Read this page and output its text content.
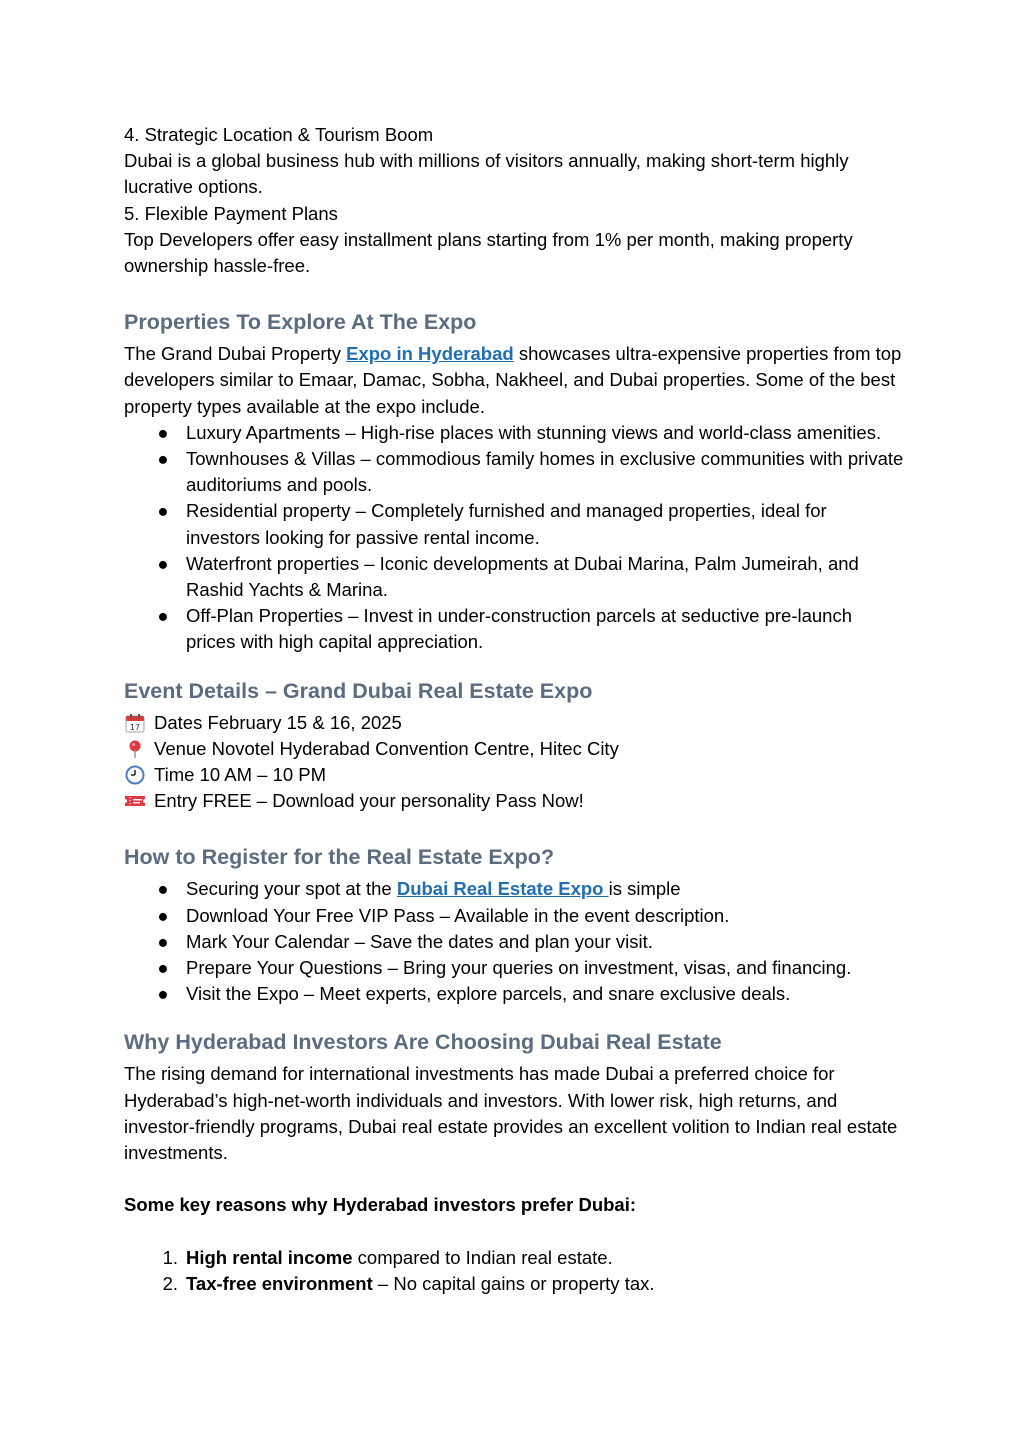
4. Strategic Location & Tourism Boom

Dubai is a global business hub with millions of visitors annually, making short-term highly lucrative options.

5. Flexible Payment Plans

Top Developers offer easy installment plans starting from 1% per month, making property ownership hassle-free.

Properties To Explore At The Expo

The Grand Dubai Property Expo in Hyderabad showcases ultra-expensive properties from top developers similar to Emaar, Damac, Sobha, Nakheel, and Dubai properties. Some of the best property types available at the expo include.

● Luxury Apartments – High-rise places with stunning views and world-class amenities.
● Townhouses & Villas – commodious family homes in exclusive communities with private auditoriums and pools.
● Residential property – Completely furnished and managed properties, ideal for investors looking for passive rental income.
● Waterfront properties – Iconic developments at Dubai Marina, Palm Jumeirah, and Rashid Yachts & Marina.
● Off-Plan Properties – Invest in under-construction parcels at seductive pre-launch prices with high capital appreciation.
Event Details – Grand Dubai Real Estate Expo
17 Dates February 15 & 16, 2025
Venue Novotel Hyderabad Convention Centre, Hitec City
Time 10 AM – 10 PM
Entry FREE – Download your personality Pass Now!
How to Register for the Real Estate Expo?
● Securing your spot at the Dubai Real Estate Expo is simple
● Download Your Free VIP Pass – Available in the event description.
● Mark Your Calendar – Save the dates and plan your visit.
● Prepare Your Questions – Bring your queries on investment, visas, and financing.
● Visit the Expo – Meet experts, explore parcels, and snare exclusive deals.
Why Hyderabad Investors Are Choosing Dubai Real Estate

The rising demand for international investments has made Dubai a preferred choice for Hyderabad’s high-net-worth individuals and investors. With lower risk, high returns, and investor-friendly programs, Dubai real estate provides an excellent volition to Indian real estate investments.

Some key reasons why Hyderabad investors prefer Dubai:

1. High rental income compared to Indian real estate.
2. Tax-free environment – No capital gains or property tax.
